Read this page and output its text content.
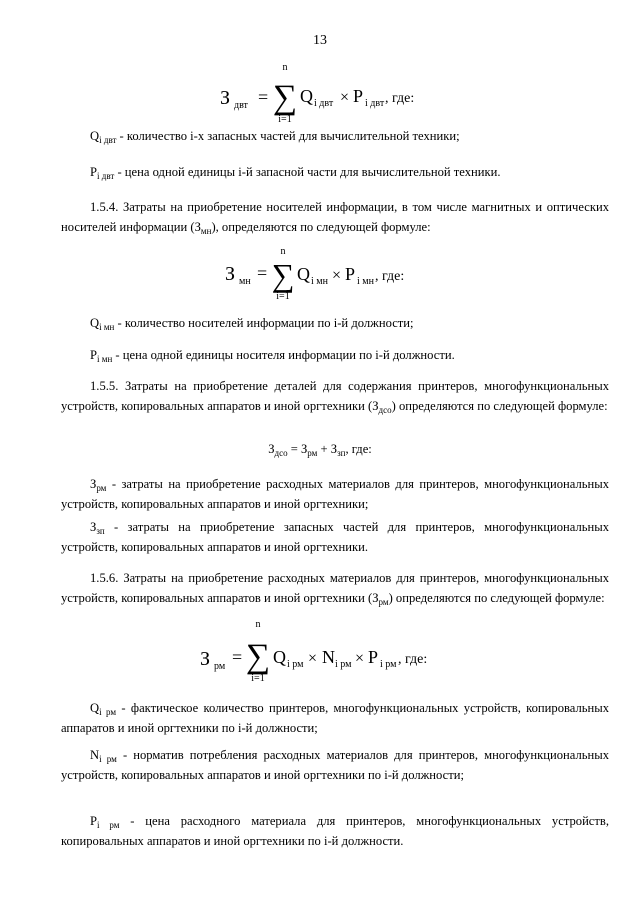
13
З двт =
n
∑
i=1
Q i двт × P i двт , где:

$Q_{i двт}$ - количество i-х запасных частей для вычислительной техники;

$P_{i двт}$ - цена одной единицы i-й запасной части для вычислительной техники.

1.5.4. Затраты на приобретение носителей информации, в том числе магнитных и оптических носителей информации $(З_{мн})$, определяются по следующей формуле:

З мн =
n
∑
i=1
Q i мн × P i мн , где:

$Q_{i мн}$ - количество носителей информации по i-й должности;

$P_{i мн}$ - цена одной единицы носителя информации по i-й должности.

1.5.5. Затраты на приобретение деталей для содержания принтеров, многофункциональных устройств, копировальных аппаратов и иной оргтехники $(З_{дсо})$ определяются по следующей формуле:

$З_{дсо} = З_{рм} + З_{зп}$, где:

$З_{рм}$ - затраты на приобретение расходных материалов для принтеров, многофункциональных устройств, копировальных аппаратов и иной оргтехники;

$З_{зп}$ - затраты на приобретение запасных частей для принтеров, многофункциональных устройств, копировальных аппаратов и иной оргтехники.

1.5.6. Затраты на приобретение расходных материалов для принтеров, многофункциональных устройств, копировальных аппаратов и иной оргтехники $(З_{рм})$ определяются по следующей формуле:

З рм =
n
∑
i=1
Q i рм × N i рм × P i рм , где:

$Q_{i рм}$ - фактическое количество принтеров, многофункциональных устройств, копировальных аппаратов и иной оргтехники по i-й должности;

$N_{i рм}$ - норматив потребления расходных материалов для принтеров, многофункциональных устройств, копировальных аппаратов и иной оргтехники по i-й должности;

$P_{i рм}$ - цена расходного материала для принтеров, многофункциональных устройств, копировальных аппаратов и иной оргтехники по i-й должности.
